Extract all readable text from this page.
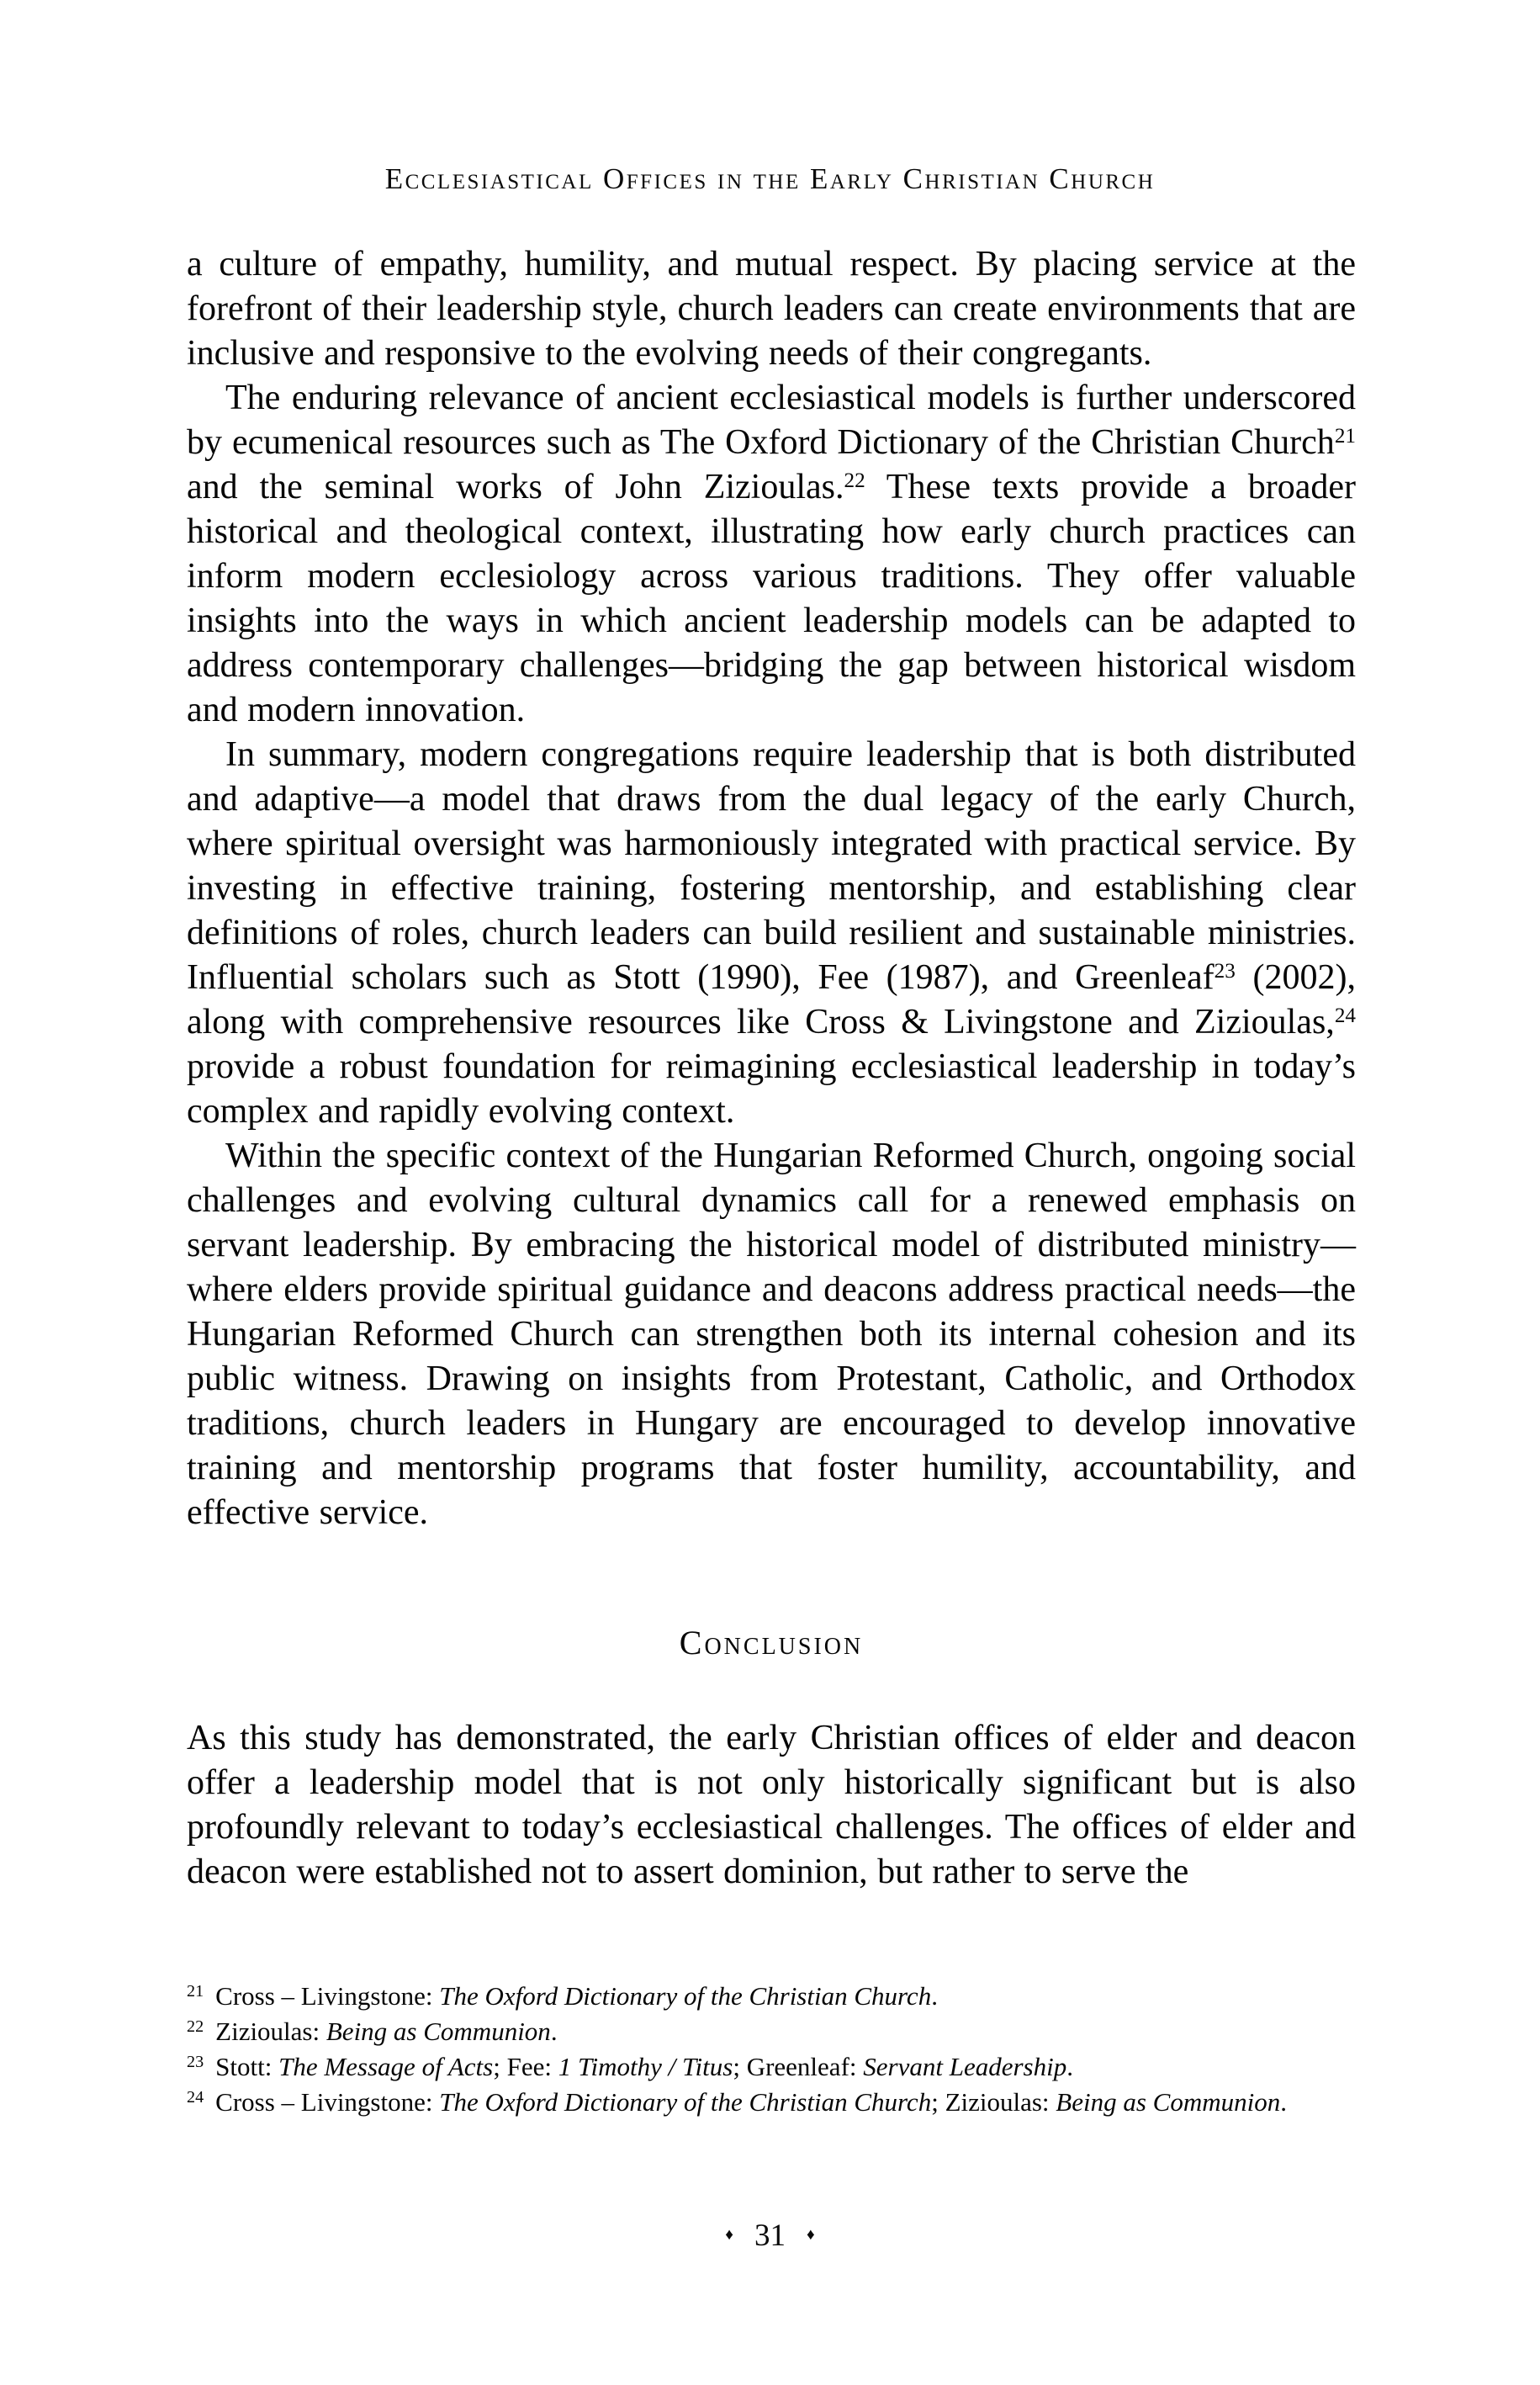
Ecclesiastical Offices in the Early Christian Church

a culture of empathy, humility, and mutual respect. By placing service at the forefront of their leadership style, church leaders can create environments that are inclusive and responsive to the evolving needs of their congregants.

The enduring relevance of ancient ecclesiastical models is further underscored by ecumenical resources such as The Oxford Dictionary of the Christian Church$^{21}$ and the seminal works of John Zizioulas.$^{22}$ These texts provide a broader historical and theological context, illustrating how early church practices can inform modern ecclesiology across various traditions. They offer valuable insights into the ways in which ancient leadership models can be adapted to address contemporary challenges—bridging the gap between historical wisdom and modern innovation.

In summary, modern congregations require leadership that is both distributed and adaptive—a model that draws from the dual legacy of the early Church, where spiritual oversight was harmoniously integrated with practical service. By investing in effective training, fostering mentorship, and establishing clear definitions of roles, church leaders can build resilient and sustainable ministries. Influential scholars such as Stott (1990), Fee (1987), and Greenleaf$^{23}$ (2002), along with comprehensive resources like Cross & Livingstone and Zizioulas,$^{24}$ provide a robust foundation for reimagining ecclesiastical leadership in today’s complex and rapidly evolving context.

Within the specific context of the Hungarian Reformed Church, ongoing social challenges and evolving cultural dynamics call for a renewed emphasis on servant leadership. By embracing the historical model of distributed ministry—where elders provide spiritual guidance and deacons address practical needs—the Hungarian Reformed Church can strengthen both its internal cohesion and its public witness. Drawing on insights from Protestant, Catholic, and Orthodox traditions, church leaders in Hungary are encouraged to develop innovative training and mentorship programs that foster humility, accountability, and effective service.

Conclusion

As this study has demonstrated, the early Christian offices of elder and deacon offer a leadership model that is not only historically significant but is also profoundly relevant to today’s ecclesiastical challenges. The offices of elder and deacon were established not to assert dominion, but rather to serve the

$^{21}$ Cross – Livingstone: The Oxford Dictionary of the Christian Church.
$^{22}$ Zizioulas: Being as Communion.
$^{23}$ Stott: The Message of Acts; Fee: 1 Timothy / Titus; Greenleaf: Servant Leadership.
$^{24}$ Cross – Livingstone: The Oxford Dictionary of the Christian Church; Zizioulas: Being as Communion.
♦ 31 ♦
